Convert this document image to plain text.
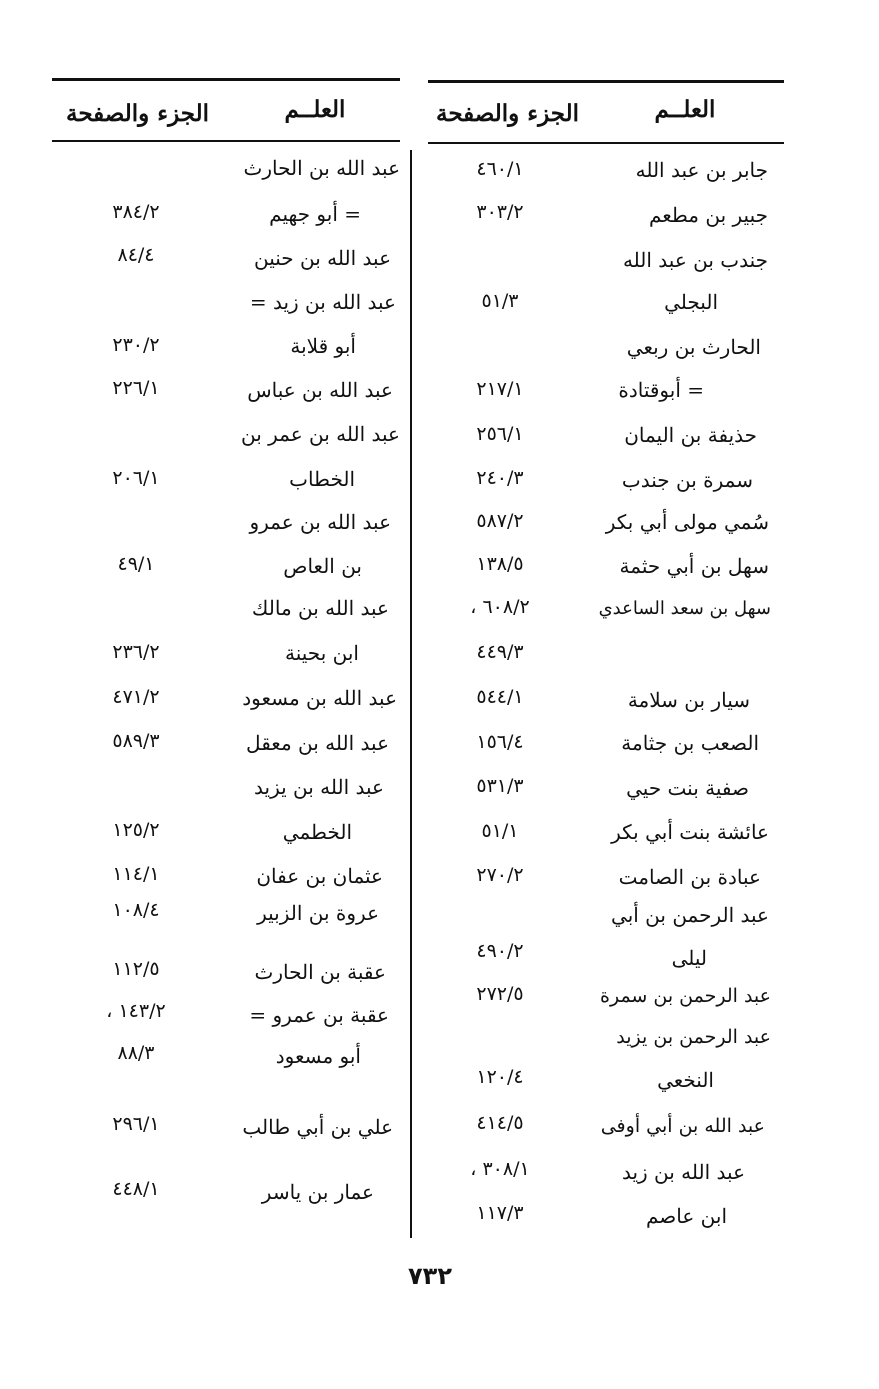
العلــم
الجزء والصفحة
العلــم
الجزء والصفحة
جابر بن عبد الله
٤٦٠/١
جبير بن مطعم
٣٠٣/٢
جندب بن عبد الله
البجلي
٥١/٣
الحارث بن ربعي
= أبوقتادة
٢١٧/١
حذيفة بن اليمان
٢٥٦/١
سمرة بن جندب
٢٤٠/٣
سُمي مولى أبي بكر
٥٨٧/٢
سهل بن أبي حثمة
١٣٨/٥
سهل بن سعد الساعدي
٦٠٨/٢ ،
٤٤٩/٣
سيار بن سلامة
٥٤٤/١
الصعب بن جثامة
١٥٦/٤
صفية بنت حيي
٥٣١/٣
عائشة بنت أبي بكر
٥١/١
عبادة بن الصامت
٢٧٠/٢
عبد الرحمن بن أبي
ليلى
٤٩٠/٢
عبد الرحمن بن سمرة
٢٧٢/٥
عبد الرحمن بن يزيد
النخعي
١٢٠/٤
عبد الله بن أبي أوفى
٤١٤/٥
عبد الله بن زيد
٣٠٨/١ ،
ابن عاصم
١١٧/٣
عبد الله بن الحارث
= أبو جهيم
٣٨٤/٢
عبد الله بن حنين
٨٤/٤
عبد الله بن زيد =
أبو قلابة
٢٣٠/٢
عبد الله بن عباس
٢٢٦/١
عبد الله بن عمر بن
الخطاب
٢٠٦/١
عبد الله بن عمرو
بن العاص
٤٩/١
عبد الله بن مالك
ابن بحينة
٢٣٦/٢
عبد الله بن مسعود
٤٧١/٢
عبد الله بن معقل
٥٨٩/٣
عبد الله بن يزيد
الخطمي
١٢٥/٢
عثمان بن عفان
١١٤/١
عروة بن الزبير
١٠٨/٤
عقبة بن الحارث
١١٢/٥
عقبة بن عمرو =
١٤٣/٢ ،
أبو مسعود
٨٨/٣
علي بن أبي طالب
٢٩٦/١
عمار بن ياسر
٤٤٨/١
٧٣٢
